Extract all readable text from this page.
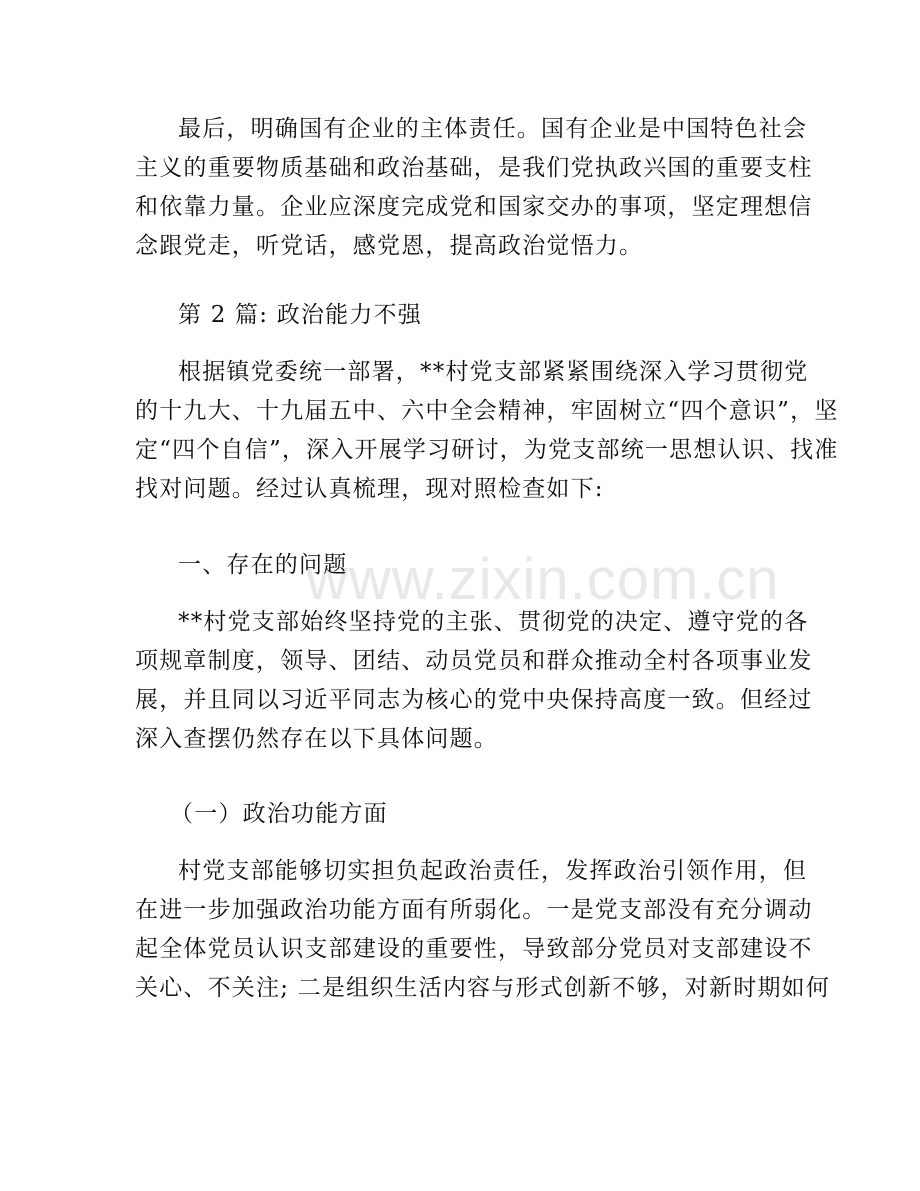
www.zixin.com.cn
最后，明确国有企业的主体责任。国有企业是中国特色社会
主义的重要物质基础和政治基础，是我们党执政兴国的重要支柱
和依靠力量。企业应深度完成党和国家交办的事项，坚定理想信
念跟党走，听党话，感党恩，提高政治觉悟力。
第 2 篇: 政治能力不强
根据镇党委统一部署，**村党支部紧紧围绕深入学习贯彻党
的十九大、十九届五中、六中全会精神，牢固树立“四个意识”，坚
定“四个自信”，深入开展学习研讨，为党支部统一思想认识、找准
找对问题。经过认真梳理，现对照检查如下:
一、存在的问题
**村党支部始终坚持党的主张、贯彻党的决定、遵守党的各
项规章制度，领导、团结、动员党员和群众推动全村各项事业发
展，并且同以习近平同志为核心的党中央保持高度一致。但经过
深入查摆仍然存在以下具体问题。
（一）政治功能方面
村党支部能够切实担负起政治责任，发挥政治引领作用，但
在进一步加强政治功能方面有所弱化。一是党支部没有充分调动
起全体党员认识支部建设的重要性，导致部分党员对支部建设不
关心、不关注; 二是组织生活内容与形式创新不够，对新时期如何
